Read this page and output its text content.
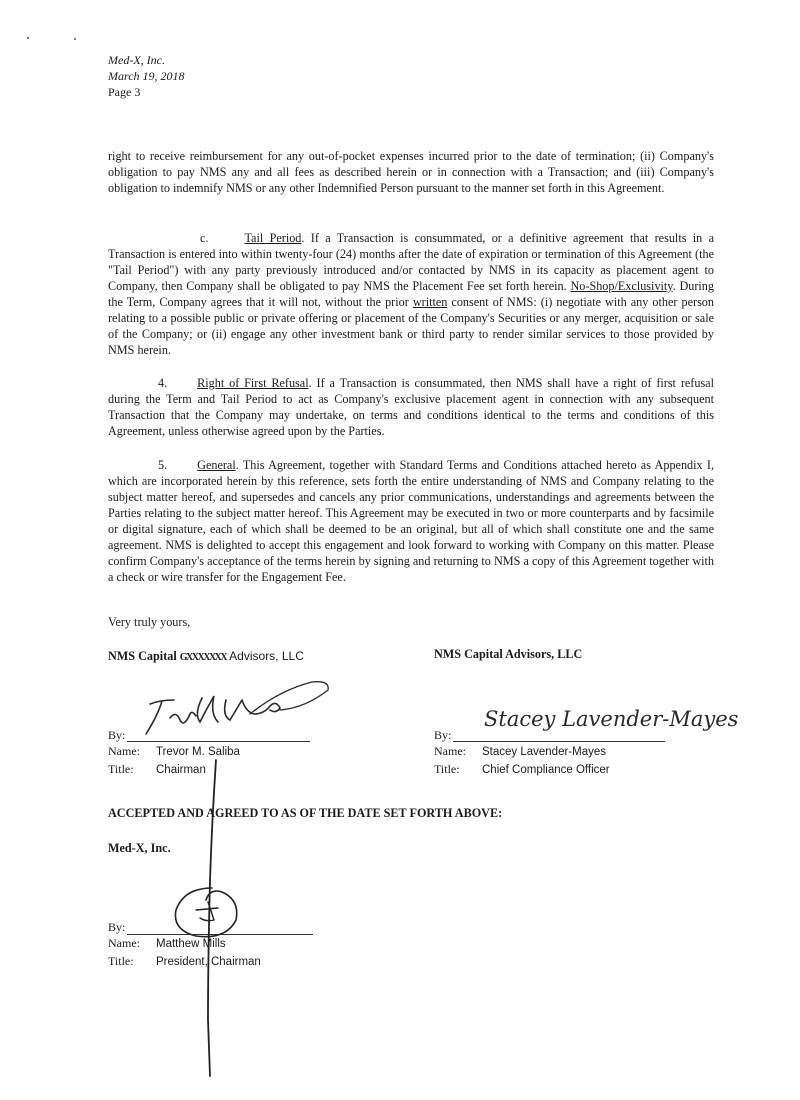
Med-X, Inc.
March 19, 2018
Page 3

right to receive reimbursement for any out-of-pocket expenses incurred prior to the date of termination; (ii) Company's obligation to pay NMS any and all fees as described herein or in connection with a Transaction; and (iii) Company's obligation to indemnify NMS or any other Indemnified Person pursuant to the manner set forth in this Agreement.

c.	Tail Period. If a Transaction is consummated, or a definitive agreement that results in a Transaction is entered into within twenty-four (24) months after the date of expiration or termination of this Agreement (the "Tail Period") with any party previously introduced and/or contacted by NMS in its capacity as placement agent to Company, then Company shall be obligated to pay NMS the Placement Fee set forth herein. No-Shop/Exclusivity. During the Term, Company agrees that it will not, without the prior written consent of NMS: (i) negotiate with any other person relating to a possible public or private offering or placement of the Company's Securities or any merger, acquisition or sale of the Company; or (ii) engage any other investment bank or third party to render similar services to those provided by NMS herein.

4. Right of First Refusal. If a Transaction is consummated, then NMS shall have a right of first refusal during the Term and Tail Period to act as Company's exclusive placement agent in connection with any subsequent Transaction that the Company may undertake, on terms and conditions identical to the terms and conditions of this Agreement, unless otherwise agreed upon by the Parties.

5. General. This Agreement, together with Standard Terms and Conditions attached hereto as Appendix I, which are incorporated herein by this reference, sets forth the entire understanding of NMS and Company relating to the subject matter hereof, and supersedes and cancels any prior communications, understandings and agreements between the Parties relating to the subject matter hereof. This Agreement may be executed in two or more counterparts and by facsimile or digital signature, each of which shall be deemed to be an original, but all of which shall constitute one and the same agreement. NMS is delighted to accept this engagement and look forward to working with Company on this matter. Please confirm Company's acceptance of the terms herein by signing and returning to NMS a copy of this Agreement together with a check or wire transfer for the Engagement Fee.

Very truly yours,
NMS Capital GXXXXXXX Advisors, LLC	NMS Capital Advisors, LLC
By:
Name: Trevor M. Saliba
Title: Chairman
Stacey Lavender-Mayes
By:
Name: Stacey Lavender-Mayes
Title: Chief Compliance Officer
ACCEPTED AND AGREED TO AS OF THE DATE SET FORTH ABOVE:
Med-X, Inc.
By:
Name: Matthew Mills
Title: President, Chairman
